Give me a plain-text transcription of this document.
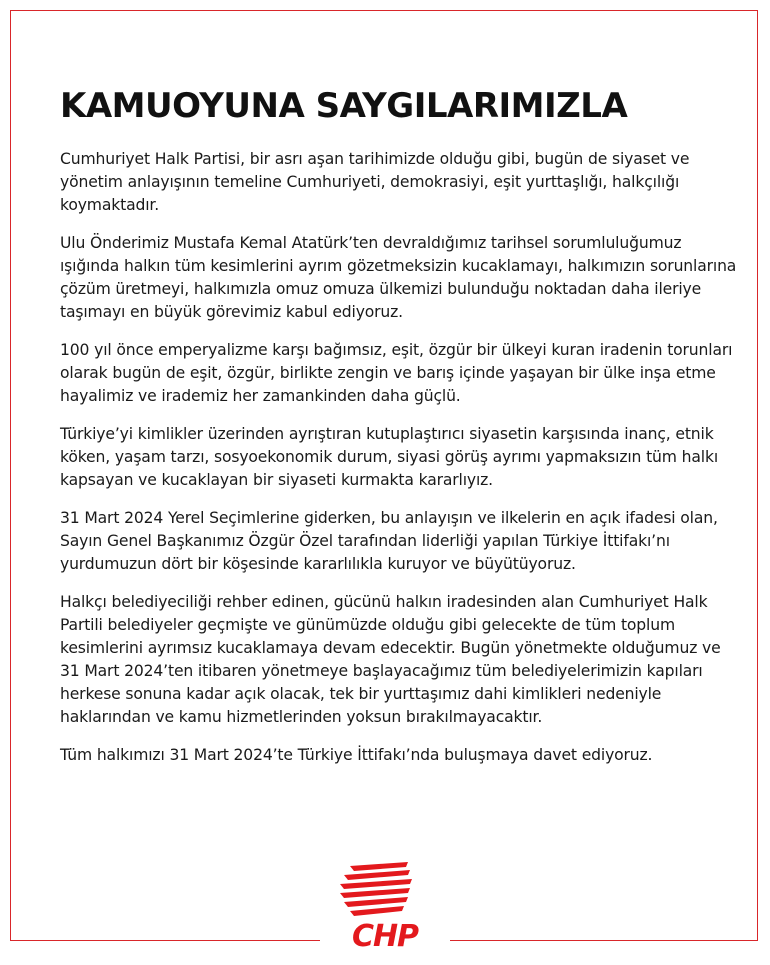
KAMUOYUNA SAYGILARIMIZLA

Cumhuriyet Halk Partisi, bir asrı aşan tarihimizde olduğu gibi, bugün de siyaset ve yönetim anlayışının temeline Cumhuriyeti, demokrasiyi, eşit yurttaşlığı, halkçılığı koymaktadır.

Ulu Önderimiz Mustafa Kemal Atatürk’ten devraldığımız tarihsel sorumluluğumuz ışığında halkın tüm kesimlerini ayrım gözetmeksizin kucaklamayı, halkımızın sorunlarına çözüm üretmeyi, halkımızla omuz omuza ülkemizi bulunduğu noktadan daha ileriye taşımayı en büyük görevimiz kabul ediyoruz.

100 yıl önce emperyalizme karşı bağımsız, eşit, özgür bir ülkeyi kuran iradenin torunları olarak bugün de eşit, özgür, birlikte zengin ve barış içinde yaşayan bir ülke inşa etme hayalimiz ve irademiz her zamankinden daha güçlü.

Türkiye’yi kimlikler üzerinden ayrıştıran kutuplaştırıcı siyasetin karşısında inanç, etnik köken, yaşam tarzı, sosyoekonomik durum, siyasi görüş ayrımı yapmaksızın tüm halkı kapsayan ve kucaklayan bir siyaseti kurmakta kararlıyız.

31 Mart 2024 Yerel Seçimlerine giderken, bu anlayışın ve ilkelerin en açık ifadesi olan, Sayın Genel Başkanımız Özgür Özel tarafından liderliği yapılan Türkiye İttifakı’nı yurdumuzun dört bir köşesinde kararlılıkla kuruyor ve büyütüyoruz.

Halkçı belediyeciliği rehber edinen, gücünü halkın iradesinden alan Cumhuriyet Halk Partili belediyeler geçmişte ve günümüzde olduğu gibi gelecekte de tüm toplum kesimlerini ayrımsız kucaklamaya devam edecektir. Bugün yönetmekte olduğumuz ve 31 Mart 2024’ten itibaren yönetmeye başlayacağımız tüm belediyelerimizin kapıları herkese sonuna kadar açık olacak, tek bir yurttaşımız dahi kimlikleri nedeniyle haklarından ve kamu hizmetlerinden yoksun bırakılmayacaktır.

Tüm halkımızı 31 Mart 2024’te Türkiye İttifakı’nda buluşmaya davet ediyoruz.

CHP
